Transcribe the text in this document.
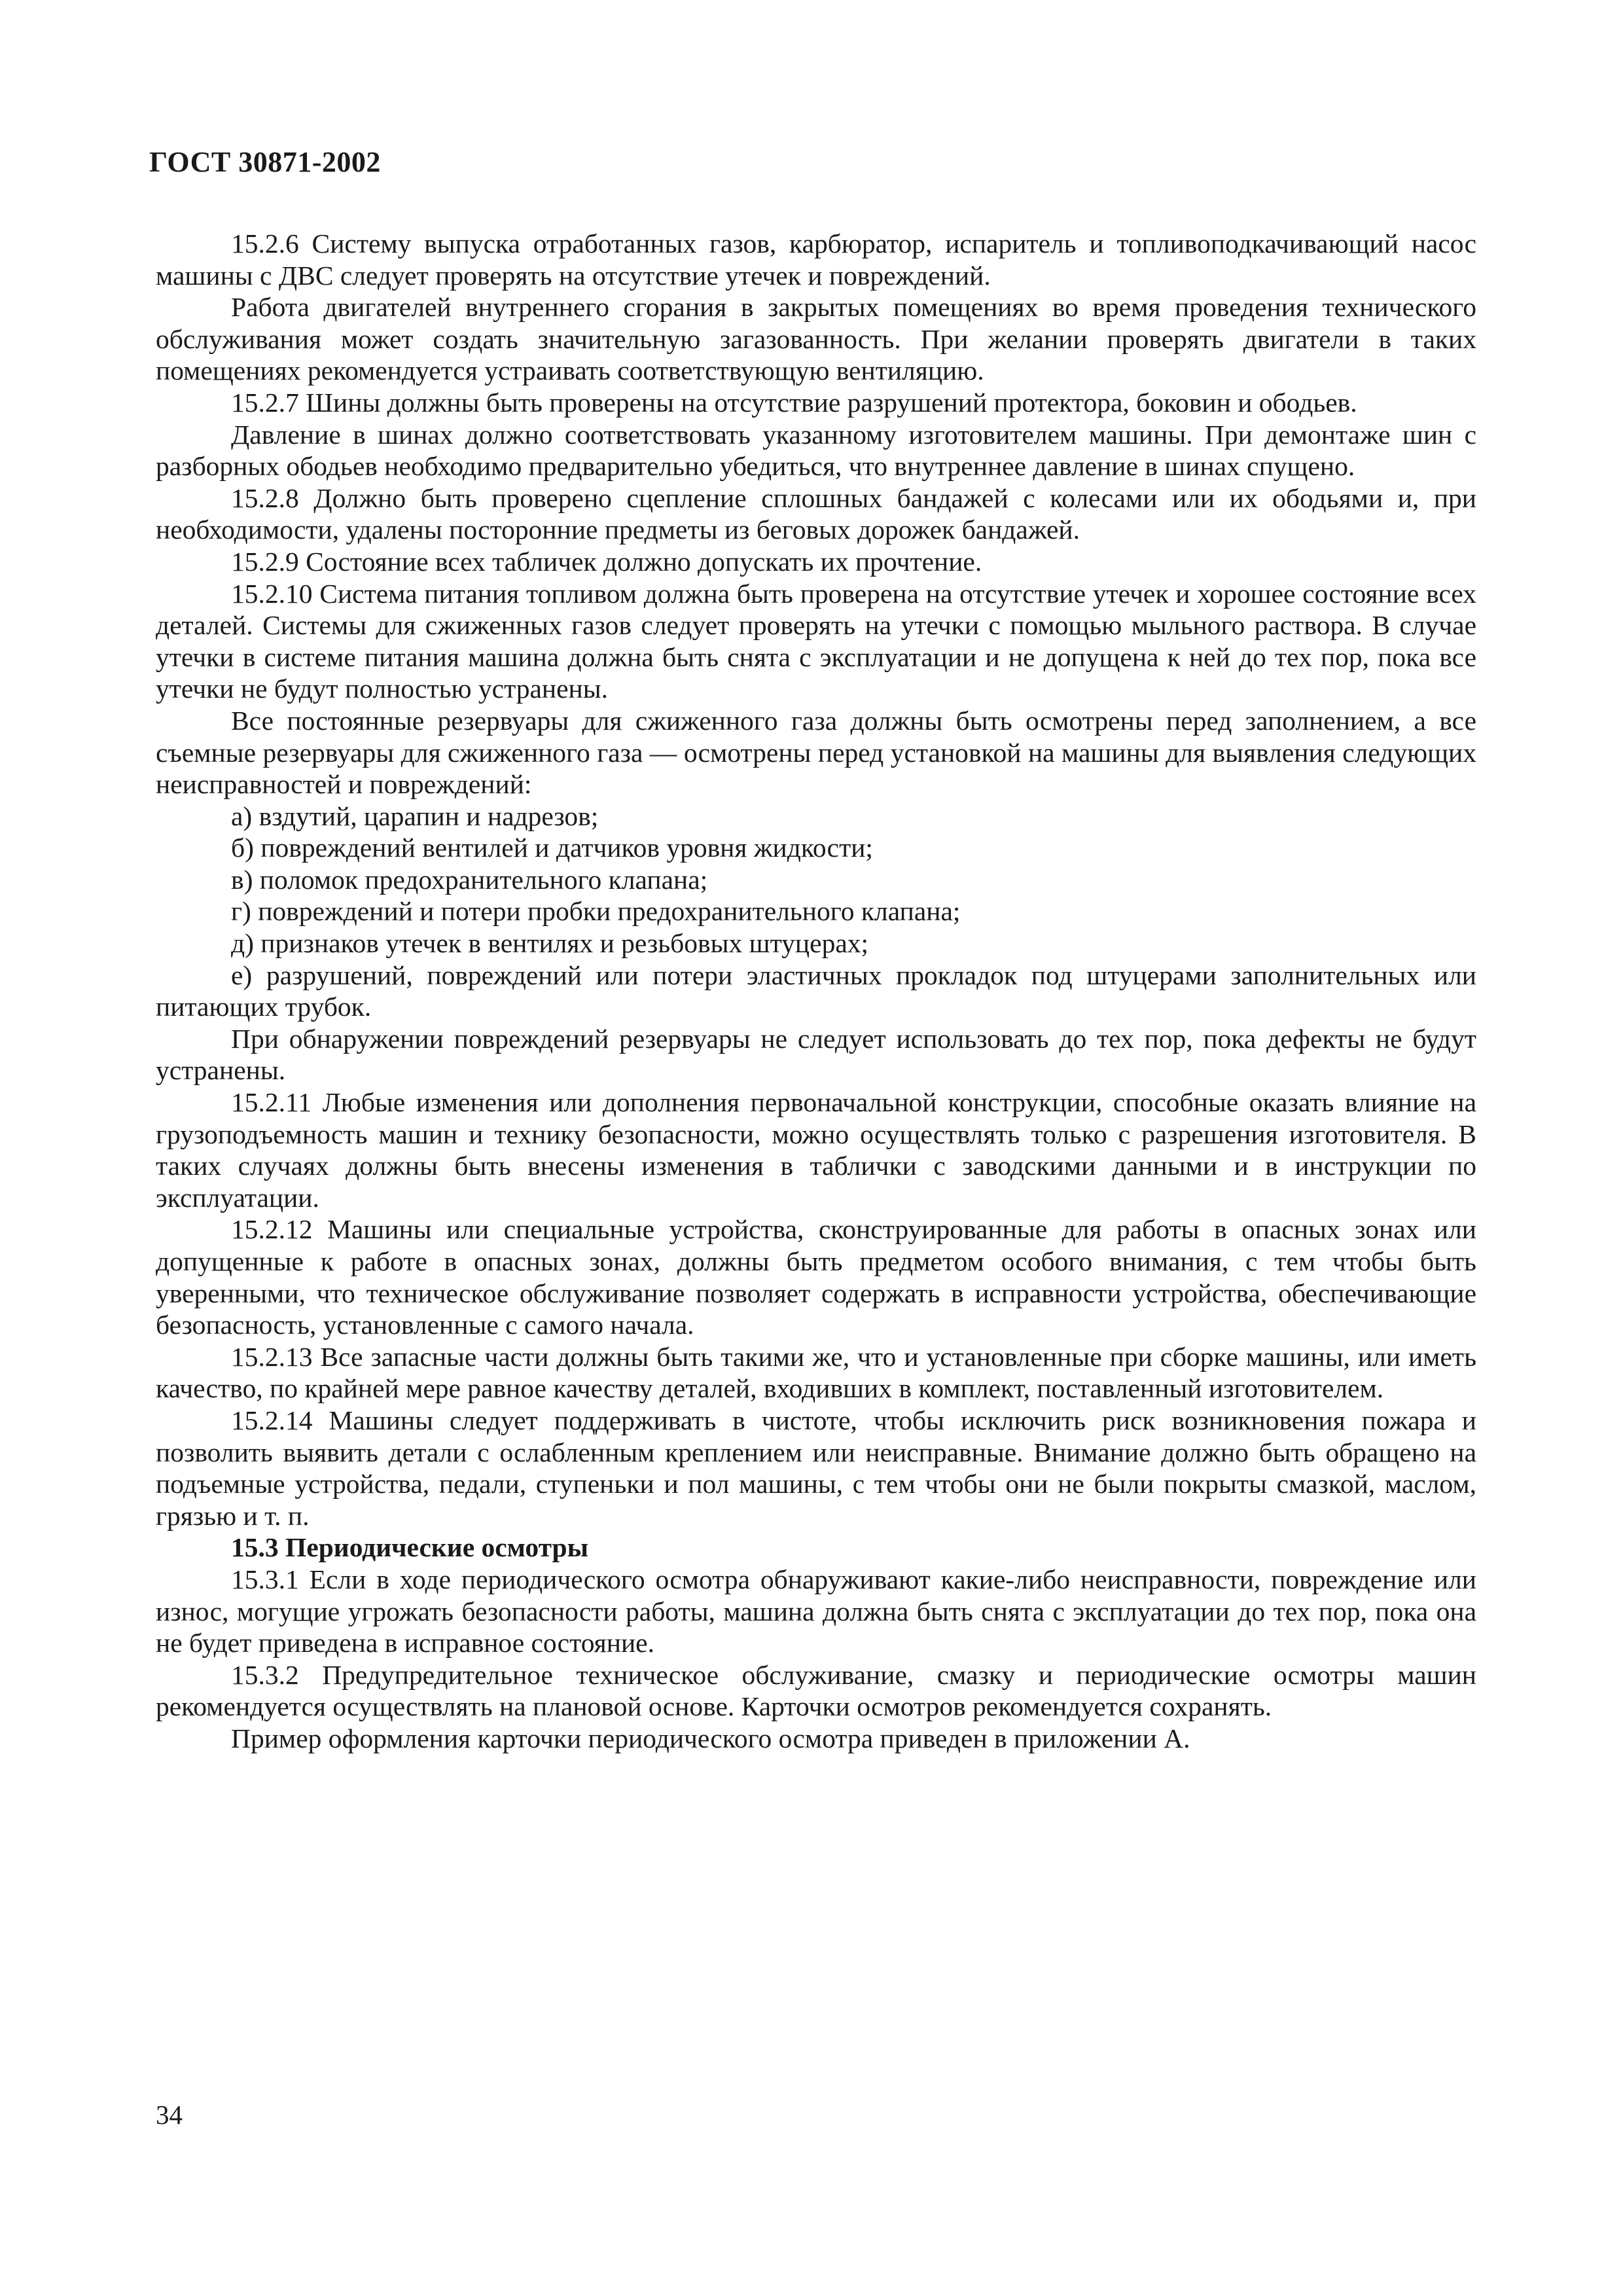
ГОСТ 30871-2002

15.2.6 Систему выпуска отработанных газов, карбюратор, испаритель и топливоподкачивающий насос машины с ДВС следует проверять на отсутствие утечек и повреждений.

Работа двигателей внутреннего сгорания в закрытых помещениях во время проведения технического обслуживания может создать значительную загазованность. При желании проверять двигатели в таких помещениях рекомендуется устраивать соответствующую вентиляцию.

15.2.7 Шины должны быть проверены на отсутствие разрушений протектора, боковин и ободьев.

Давление в шинах должно соответствовать указанному изготовителем машины. При демонтаже шин с разборных ободьев необходимо предварительно убедиться, что внутреннее давление в шинах спущено.

15.2.8 Должно быть проверено сцепление сплошных бандажей с колесами или их ободьями и, при необходимости, удалены посторонние предметы из беговых дорожек бандажей.

15.2.9 Состояние всех табличек должно допускать их прочтение.

15.2.10 Система питания топливом должна быть проверена на отсутствие утечек и хорошее состояние всех деталей. Системы для сжиженных газов следует проверять на утечки с помощью мыльного раствора. В случае утечки в системе питания машина должна быть снята с эксплуатации и не допущена к ней до тех пор, пока все утечки не будут полностью устранены.

Все постоянные резервуары для сжиженного газа должны быть осмотрены перед заполнением, а все съемные резервуары для сжиженного газа — осмотрены перед установкой на машины для выявления следующих неисправностей и повреждений:

а) вздутий, царапин и надрезов;
б) повреждений вентилей и датчиков уровня жидкости;
в) поломок предохранительного клапана;
г) повреждений и потери пробки предохранительного клапана;
д) признаков утечек в вентилях и резьбовых штуцерах;
е) разрушений, повреждений или потери эластичных прокладок под штуцерами заполнительных или питающих трубок.

При обнаружении повреждений резервуары не следует использовать до тех пор, пока дефекты не будут устранены.

15.2.11 Любые изменения или дополнения первоначальной конструкции, способные оказать влияние на грузоподъемность машин и технику безопасности, можно осуществлять только с разрешения изготовителя. В таких случаях должны быть внесены изменения в таблички с заводскими данными и в инструкции по эксплуатации.

15.2.12 Машины или специальные устройства, сконструированные для работы в опасных зонах или допущенные к работе в опасных зонах, должны быть предметом особого внимания, с тем чтобы быть уверенными, что техническое обслуживание позволяет содержать в исправности устройства, обеспечивающие безопасность, установленные с самого начала.

15.2.13 Все запасные части должны быть такими же, что и установленные при сборке машины, или иметь качество, по крайней мере равное качеству деталей, входивших в комплект, поставленный изготовителем.

15.2.14 Машины следует поддерживать в чистоте, чтобы исключить риск возникновения пожара и позволить выявить детали с ослабленным креплением или неисправные. Внимание должно быть обращено на подъемные устройства, педали, ступеньки и пол машины, с тем чтобы они не были покрыты смазкой, маслом, грязью и т. п.

15.3 Периодические осмотры

15.3.1 Если в ходе периодического осмотра обнаруживают какие-либо неисправности, повреждение или износ, могущие угрожать безопасности работы, машина должна быть снята с эксплуатации до тех пор, пока она не будет приведена в исправное состояние.

15.3.2 Предупредительное техническое обслуживание, смазку и периодические осмотры машин рекомендуется осуществлять на плановой основе. Карточки осмотров рекомендуется сохранять.

Пример оформления карточки периодического осмотра приведен в приложении А.

34
